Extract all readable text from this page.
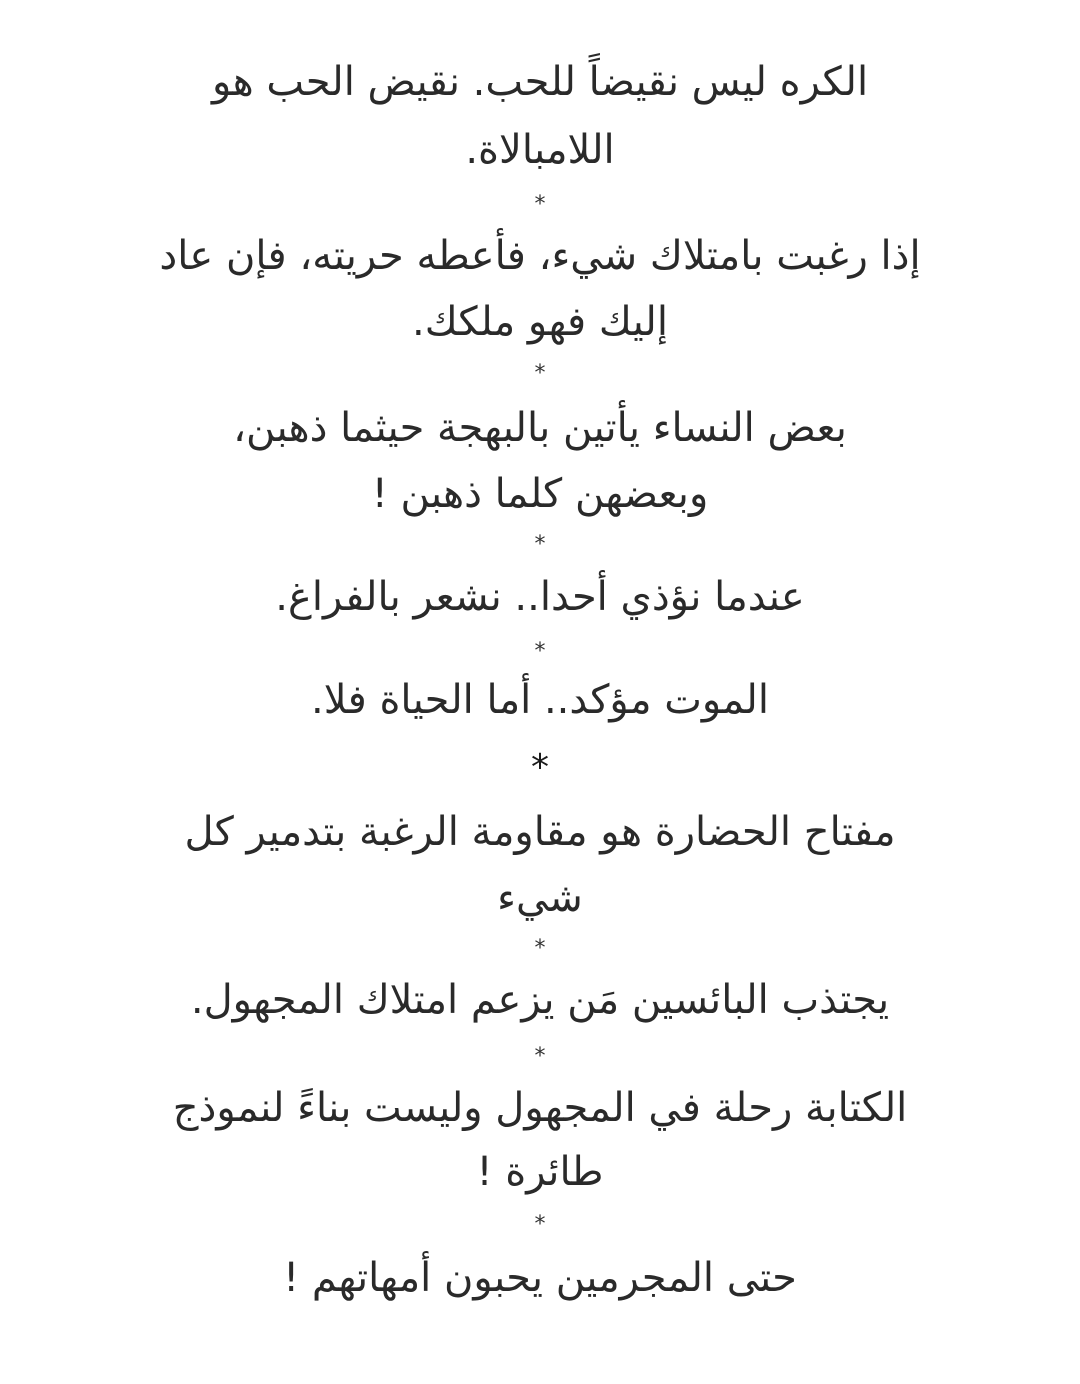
الكره ليس نقيضاً للحب. نقيض الحب هو
اللامبالاة.
*
إذا رغبت بامتلاك شيء، فأعطه حريته، فإن عاد
إليك فهو ملكك.
*
بعض النساء يأتين بالبهجة حيثما ذهبن،
وبعضهن كلما ذهبن !
*
عندما نؤذي أحدا.. نشعر بالفراغ.
*
الموت مؤكد.. أما الحياة فلا.
*
مفتاح الحضارة هو مقاومة الرغبة بتدمير كل
شيء
*
يجتذب البائسين مَن يزعم امتلاك المجهول.
*
الكتابة رحلة في المجهول وليست بناءً لنموذج
طائرة !
*
حتى المجرمين يحبون أمهاتهم !
